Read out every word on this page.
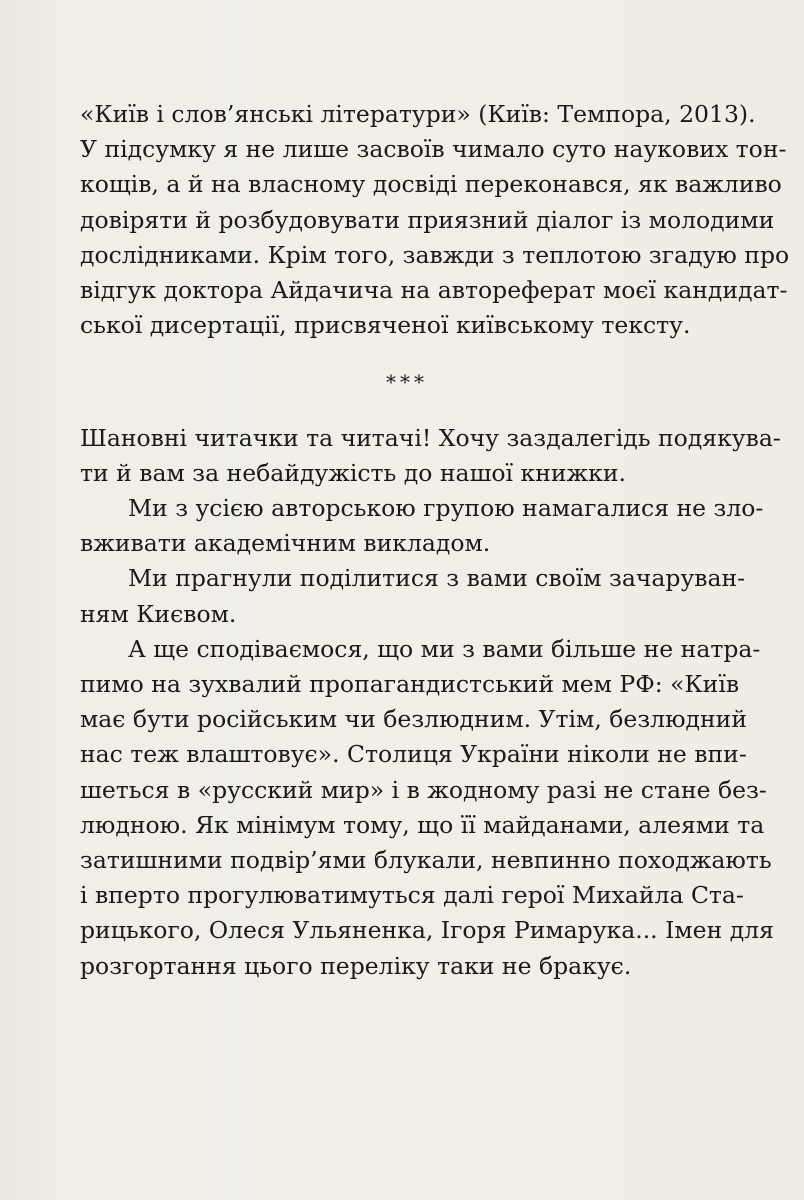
«Київ і слов’янські літератури» (Київ: Темпора, 2013).
У підсумку я не лише засвоїв чимало суто наукових тон-
кощів, а й на власному досвіді переконався, як важливо
довіряти й розбудовувати приязний діалог із молодими
дослідниками. Крім того, завжди з теплотою згадую про
відгук доктора Айдачича на автореферат моєї кандидат-
ської дисертації, присвяченої київському тексту.
***
Шановні читачки та читачі! Хочу заздалегідь подякува-
ти й вам за небайдужість до нашої книжки.
Ми з усією авторською групою намагалися не зло-
вживати академічним викладом.
Ми прагнули поділитися з вами своїм зачаруван-
ням Києвом.
А ще сподіваємося, що ми з вами більше не натра-
пимо на зухвалий пропагандистський мем РФ: «Київ
має бути російським чи безлюдним. Утім, безлюдний
нас теж влаштовує». Столиця України ніколи не впи-
шеться в «русский мир» і в жодному разі не стане без-
людною. Як мінімум тому, що її майданами, алеями та
затишними подвір’ями блукали, невпинно походжають
і вперто прогулюватимуться далі герої Михайла Ста-
рицького, Олеся Ульяненка, Ігоря Римарука... Імен для
розгортання цього переліку таки не бракує.
